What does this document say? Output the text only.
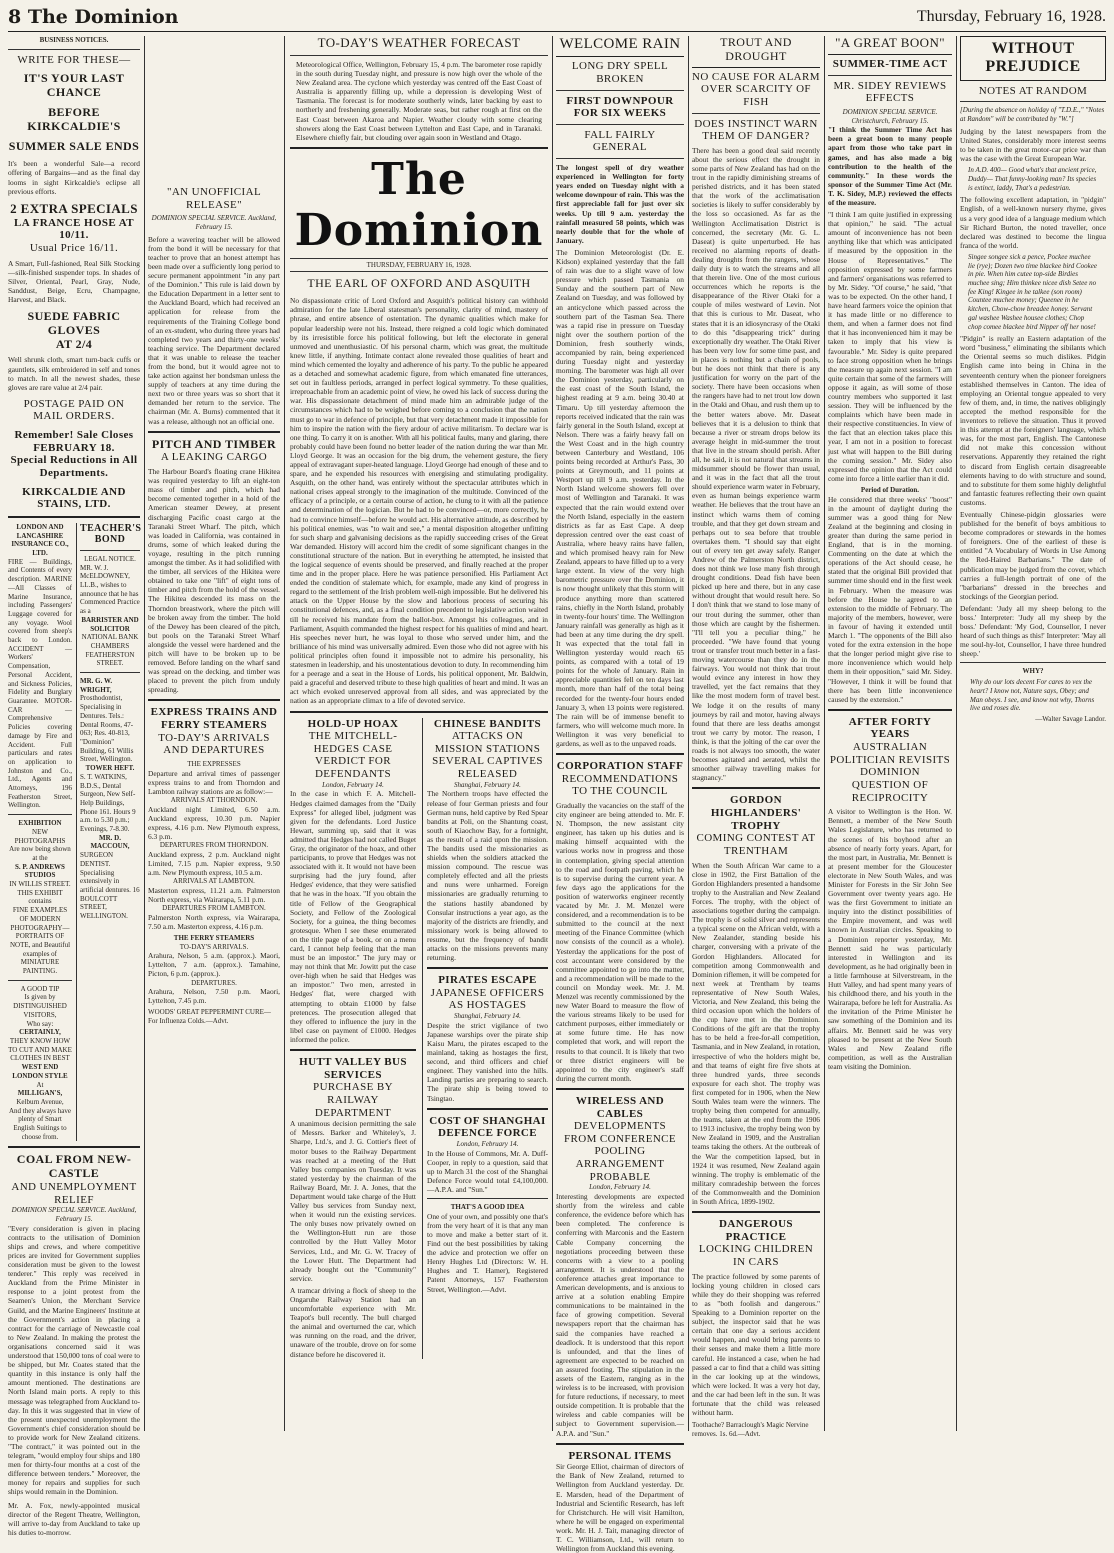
8 The Dominion	Thursday, February 16, 1928.
BUSINESS NOTICES.
WRITE FOR THESE—
IT'S YOUR LAST CHANCE
BEFORE KIRKCALDIE'S
SUMMER SALE ENDS
It's been a wonderful Sale—a record offering of Bargains—and as the final day looms in sight Kirkcaldie's eclipse all previous efforts.
2 EXTRA SPECIALS
LA FRANCE HOSE AT 10/11.
Usual Price 16/11.
A Smart, Full-fashioned, Real Silk Stocking—silk-finished suspender tops. In shades of Silver, Oriental, Pearl, Gray, Nude, Sanddust, Beige, Ecru, Champagne, Harvest, and Black.
SUEDE FABRIC GLOVES
AT 2/4
Well shrunk cloth, smart turn-back cuffs or gauntlets, silk embroidered in self and tones to match. In all the newest shades, these gloves are rare value at 2/4 pair.
POSTAGE PAID ON MAIL ORDERS.
Remember! Sale Closes FEBRUARY 18.
Special Reductions in All Departments.
KIRKCALDIE AND STAINS, LTD.
LONDON AND LANCASHIRE INSURANCE CO., LTD.
FIRE — Buildings, and Contents of every description. MARINE—All Classes of Marine Insurance, including Passengers' Luggage covered for any voyage. Wool covered from sheep's back to London. ACCIDENT — Workers' Compensation, Personal Accident, and Sickness Policies, Fidelity and Burglary Guarantee. MOTOR-CAR — Comprehensive Policies covering damage by Fire and Accident. Full particulars and rates on application to Johnston and Co., Ltd., Agents and Attorneys, 196 Featherston Street, Wellington.
EXHIBITION
NEW PHOTOGRAPHS
Are now being shown at the
S. P. ANDREWS STUDIOS
IN WILLIS STREET.
THIS EXHIBIT contains
FINE EXAMPLES OF MODERN PHOTOGRAPHY—PORTRAITS OF NOTE, and Beautiful examples of MINIATURE PAINTING.
A GOOD TIP
Is given by
DISTINGUISHED VISITORS,
Who say:
CERTAINLY,
THEY KNOW HOW TO CUT AND MAKE CLOTHES IN BEST
WEST END LONDON STYLE
At
MILLIGAN'S,
Kelburn Avenue,
And they always have plenty of Smart English Suitings to choose from.
TEACHER'S BOND
LEGAL NOTICE.
MR. W. J. McELDOWNEY, LL.B., wishes to announce that he has Commenced Practice as a
BARRISTER AND SOLICITOR
NATIONAL BANK CHAMBERS
FEATHERSTON STREET.
MR. G. W. WRIGHT,
Prosthodontist, Specialising in Dentures. Tels.: Dental Rooms, 47-063; Res. 40-813, "Dominion" Building, 61 Willis Street, Wellington.
TOWER HEFT.
S. T. WATKINS, B.D.S., Dental Surgeon, New Self-Help Buildings, Phone 161. Hours 9 a.m. to 5.30 p.m.; Evenings, 7-8.30.
MR. D. MACCOUN,
SURGEON DENTIST. Specialising extensively in artificial dentures. 16 BOULCOTT STREET, WELLINGTON.
COAL FROM NEW-CASTLE
AND UNEMPLOYMENT RELIEF
DOMINION SPECIAL SERVICE. Auckland, February 15.
"Every consideration is given in placing contracts to the utilisation of Dominion ships and crews, and where competitive prices are invited for Government supplies consideration must be given to the lowest tenderer." This reply was received in Auckland from the Prime Minister in response to a joint protest from the Seamen's Union, the Merchant Service Guild, and the Marine Engineers' Institute at the Government's action in placing a contract for the carriage of Newcastle coal to New Zealand. In making the protest the organisations concerned said it was understood that 150,000 tons of coal were to be shipped, but Mr. Coates stated that the quantity in this instance is only half the amount mentioned. The destinations are North Island main ports. A reply to this message was telegraphed from Auckland to-day. In this it was suggested that in view of the present unexpected unemployment the Government's chief consideration should be to provide work for New Zealand citizens. "The contract," it was pointed out in the telegram, "would employ four ships and 180 men for thirty-four months at a cost of the difference between tenders." Moreover, the money for repairs and supplies for such ships would remain in the Dominion.
Mr. A. Fox, newly-appointed musical director of the Regent Theatre, Wellington, will arrive to-day from Auckland to take up his duties to-morrow.
"AN UNOFFICIAL RELEASE"
DOMINION SPECIAL SERVICE. Auckland, February 15.
Before a wavering teacher will be allowed from the bond it will be necessary for that teacher to prove that an honest attempt has been made over a sufficiently long period to secure permanent appointment "in any part of the Dominion." This rule is laid down by the Education Department in a letter sent to the Auckland Board, which had received an application for release from the requirements of the Training College bond of an ex-student, who during three years had completed two years and thirty-one weeks' teaching service. The Department declared that it was unable to release the teacher from the bond, but it would agree not to take action against her bondsman unless the supply of teachers at any time during the next two or three years was so short that it demanded her return to the service. The chairman (Mr. A. Burns) commented that it was a release, although not an official one.
PITCH AND TIMBER
A LEAKING CARGO
The Harbour Board's floating crane Hikitea was required yesterday to lift an eight-ton mass of timber and pitch, which had become cemented together in a hold of the American steamer Dewey, at present discharging Pacific coast cargo at the Taranaki Street Wharf. The pitch, which was loaded in California, was contained in drums, some of which leaked during the voyage, resulting in the pitch running amongst the timber. As it had solidified with the timber, all services of the Hikitea were obtained to take one "lift" of eight tons of timber and pitch from the hold of the vessel. The Hikitea descended its mass on the Thorndon breastwork, where the pitch will be broken away from the timber. The hold of the Dewey has been cleared of the pitch, but pools on the Taranaki Street Wharf alongside the vessel were hardened and the pitch will have to be broken up to be removed. Before landing on the wharf sand was spread on the decking, and timber was placed to prevent the pitch from unduly spreading.
EXPRESS TRAINS AND FERRY STEAMERS
TO-DAY'S ARRIVALS AND DEPARTURES
THE EXPRESSES
Departure and arrival times of passenger express trains to and from Thorndon and Lambton railway stations are as follow:—
ARRIVALS AT THORNDON.
Auckland night Limited, 6.50 a.m. Auckland express, 10.30 p.m. Napier express, 4.16 p.m. New Plymouth express, 6.3 p.m.
DEPARTURES FROM THORNDON.
Auckland express, 2 p.m. Auckland night Limited, 7.15 p.m. Napier express, 9.50 a.m. New Plymouth express, 10.5 a.m.
ARRIVALS AT LAMBTON.
Masterton express, 11.21 a.m. Palmerston North express, via Wairarapa, 5.11 p.m.
DEPARTURES FROM LAMBTON.
Palmerston North express, via Wairarapa, 7.50 a.m. Masterton express, 4.16 p.m.
THE FERRY STEAMERS
TO-DAY'S ARRIVALS.
Arahura, Nelson, 5 a.m. (approx.). Maori, Lyttelton, 7 a.m. (approx.). Tamahine, Picton, 6 p.m. (approx.).
DEPARTURES.
Arahura, Nelson, 7.50 p.m. Maori, Lyttelton, 7.45 p.m.
WOODS' GREAT PEPPERMINT CURE—For Influenza Colds.—Advt.
TO-DAY'S WEATHER FORECAST
Meteorological Office, Wellington, February 15, 4 p.m. The barometer rose rapidly in the south during Tuesday night, and pressure is now high over the whole of the New Zealand area. The cyclone which yesterday was centred off the East Coast of Australia is apparently filling up, while a depression is developing West of Tasmania. The forecast is for moderate southerly winds, later backing by east to northerly and freshening generally. Moderate seas, but rather rough at first on the East Coast between Akaroa and Napier. Weather cloudy with some clearing showers along the East Coast between Lyttelton and East Cape, and in Taranaki. Elsewhere chiefly fair, but clouding over again soon in Westland and Otago.
The Dominion
THURSDAY, FEBRUARY 16, 1928.
THE EARL OF OXFORD AND ASQUITH
No dispassionate critic of Lord Oxford and Asquith's political history can withhold admiration for the late Liberal statesman's personality, clarity of mind, mastery of phrase, and entire absence of ostentation. The dynamic qualities which make for popular leadership were not his. Instead, there reigned a cold logic which dominated by its irresistible force his political following, but left the electorate in general unmoved and unenthusiastic. Of his personal charm, which was great, the multitude knew little, if anything. Intimate contact alone revealed those qualities of heart and mind which cemented the loyalty and adherence of his party. To the public he appeared as a detached and somewhat academic figure, from which emanated fine utterances, set out in faultless periods, arranged in perfect logical symmetry. To these qualities, irreproachable from an academic point of view, he owed his lack of success during the war. His dispassionate detachment of mind made him an admirable judge of the circumstances which had to be weighed before coming to a conclusion that the nation must go to war in defence of principle, but that very detachment made it impossible for him to inspire the nation with the fiery ardour of active militarism. To declare war is one thing. To carry it on is another. With all his political faults, many and glaring, there probably could have been found no better leader of the nation during the war than Mr. Lloyd George. It was an occasion for the big drum, the vehement gesture, the fiery appeal of extravagant super-heated language. Lloyd George had enough of these and to spare, and he expended his resources with energising and stimulating prodigality. Asquith, on the other hand, was entirely without the spectacular attributes which in national crises appeal strongly to the imagination of the multitude. Convinced of the efficacy of a principle, or a certain course of action, he clung to it with all the patience and determination of the logician. But he had to be convinced—or, more correctly, he had to convince himself—before he would act. His alternative attitude, as described by his political enemies, was "to wait and see," a mental disposition altogether unfitting for such sharp and galvanising decisions as the rapidly succeeding crises of the Great War demanded. History will accord him the credit of some significant changes in the constitutional structure of the nation. But in everything he attempted, he insisted that the logical sequence of events should be preserved, and finally reached at the proper time and in the proper place. Here he was patience personified. His Parliament Act ended the condition of stalemate which, for example, made any kind of progress in regard to the settlement of the Irish problem well-nigh impossible. But he delivered his attack on the Upper House by the slow and laborious process of securing his constitutional defences, and, as a final condition precedent to legislative action waited till he received his mandate from the ballot-box. Amongst his colleagues, and in Parliament, Asquith commanded the highest respect for his qualities of mind and heart. His speeches never hurt, he was loyal to those who served under him, and the brilliance of his mind was universally admired. Even those who did not agree with his political principles often found it impossible not to admire his personality, his statesmen in leadership, and his unostentatious devotion to duty. In recommending him for a peerage and a seat in the House of Lords, his political opponent, Mr. Baldwin, paid a graceful and deserved tribute to these high qualities of heart and mind. It was an act which evoked unreserved approval from all sides, and was appreciated by the nation as an appropriate climax to a life of devoted service.
HOLD-UP HOAX
THE MITCHELL-HEDGES CASE
VERDICT FOR DEFENDANTS
London, February 14.
In the case in which F. A. Mitchell-Hedges claimed damages from the "Daily Express" for alleged libel, judgment was given for the defendants. Lord Justice Hewart, summing up, said that it was admitted that Hedges had not called Buget Gray, the originator of the hoax, and other participants, to prove that Hedges was not associated with it. It would not have been surprising had the jury found, after Hedges' evidence, that they were satisfied that he was in the hoax. "If you obtain the title of Fellow of the Geographical Society, and Fellow of the Zoological Society, for a guinea, the thing becomes grotesque. When I see these enumerated on the title page of a book, or on a menu card, I cannot help feeling that the man must be an impostor." The jury may or may not think that Mr. Jowitt put the case over-high when he said that Hedges was an impostor." Two men, arrested in Hedges' flat, were charged with attempting to obtain £1000 by false pretences. The prosecution alleged that they offered to influence the jury in the libel case on payment of £1000. Hedges informed the police.
HUTT VALLEY BUS SERVICES
PURCHASE BY RAILWAY DEPARTMENT
A unanimous decision permitting the sale of Messrs. Barker and Whiteley's, J. Sharpe, Ltd.'s, and J. G. Cottier's fleet of motor buses to the Railway Department was reached at a meeting of the Hutt Valley bus companies on Tuesday. It was stated yesterday by the chairman of the Railway Board, Mr. J. A. Jones, that the Department would take charge of the Hutt Valley bus services from Sunday next, when it would run the existing services. The only buses now privately owned on the Wellington-Hutt run are those controlled by the Hutt Valley Motor Services, Ltd., and Mr. G. W. Tracey of the Lower Hutt. The Department had already bought out the "Community" service.
A tramcar driving a flock of sheep to the Ongaruhe Railway Station had an uncomfortable experience with Mr. Teapot's bull recently. The bull charged the animal and overturned the car, which was running on the road, and the driver, unaware of the trouble, drove on for some distance before he discovered it.
CHINESE BANDITS
ATTACKS ON MISSION STATIONS
SEVERAL CAPTIVES RELEASED
Shanghai, February 14.
The Northern troops have effected the release of four German priests and four German nuns, held captive by Red Spear bandits at Poli, on the Shantung coast, south of Kiaochow Bay, for a fortnight, as the result of a raid upon the mission. The bandits used the missionaries as shields when the soldiers attacked the mission compound. The rescue was completely effected and all the priests and nuns were unharmed. Foreign missionaries are gradually returning to the stations hastily abandoned by Consular instructions a year ago, as the majority of the districts are friendly, and missionary work is being allowed to resume, but the frequency of bandit attacks on the missions prevents many returning.
PIRATES ESCAPE
JAPANESE OFFICERS AS HOSTAGES
Shanghai, February 14.
Despite the strict vigilance of two Japanese warships over the pirate ship Kaisu Maru, the pirates escaped to the mainland, taking as hostages the first, second, and third officers and chief engineer. They vanished into the hills. Landing parties are preparing to search. The pirate ship is being towed to Tsingtao.
COST OF SHANGHAI DEFENCE FORCE
London, February 14.
In the House of Commons, Mr. A. Duff-Cooper, in reply to a question, said that up to March 31 the cost of the Shanghai Defence Force would total £4,100,000.—A.P.A. and "Sun."
THAT'S A GOOD IDEA
One of your own, and possibly one that's from the very heart of it is that any man to move and make a better start of it. Find out the best possibilities by taking the advice and protection we offer on Henry Hughes Ltd (Directors: W. H. Hughes and T. Hamer), Registered Patent Attorneys, 157 Featherston Street, Wellington.—Advt.
WELCOME RAIN
LONG DRY SPELL BROKEN
FIRST DOWNPOUR FOR SIX WEEKS
FALL FAIRLY GENERAL
The longest spell of dry weather experienced in Wellington for forty years ended on Tuesday night with a welcome downpour of rain. This was the first appreciable fall for just over six weeks. Up till 9 a.m. yesterday the rainfall measured 58 points, which was nearly double that for the whole of January.
The Dominion Meteorologist (Dr. E. Kidson) explained yesterday that the fall of rain was due to a slight wave of low pressure which passed Tasmania on Sunday and the southern part of New Zealand on Tuesday, and was followed by an anticyclone which passed across the southern part of the Tasman Sea. There was a rapid rise in pressure on Tuesday night over the southern portion of the Dominion, fresh southerly winds, accompanied by rain, being experienced during Tuesday night and yesterday morning. The barometer was high all over the Dominion yesterday, particularly on the east coast of the South Island, the highest reading at 9 a.m. being 30.40 at Timaru. Up till yesterday afternoon the reports received indicated that the rain was fairly general in the South Island, except at Nelson. There was a fairly heavy fall on the West Coast and in the high country between Canterbury and Westland, 106 points being recorded at Arthur's Pass, 30 points at Greymouth, and 11 points at Westport up till 9 a.m. yesterday. In the North Island welcome showers fell over most of Wellington and Taranaki. It was expected that the rain would extend over the North Island, especially in the eastern districts as far as East Cape. A deep depression centred over the east coast of Australia, where heavy rains have fallen, and which promised heavy rain for New Zealand, appears to have filled up to a very large extent. In view of the very high barometric pressure over the Dominion, it is now thought unlikely that this storm will produce anything more than scattered rains, chiefly in the North Island, probably in twenty-four hours' time. The Wellington January rainfall was generally as high as it had been at any time during the dry spell. It was expected that the total fall in Wellington yesterday would reach 65 points, as compared with a total of 19 points for the whole of January. Rain in appreciable quantities fell on ten days last month, more than half of the total being recorded for the twenty-four hours ended January 3, when 13 points were registered. The rain will be of immense benefit to farmers, who will welcome much more. In Wellington it was very beneficial to gardens, as well as to the unpaved roads.
CORPORATION STAFF
RECOMMENDATIONS TO THE COUNCIL
Gradually the vacancies on the staff of the city engineer are being attended to. Mr. F. N. Thompson, the new assistant city engineer, has taken up his duties and is making himself acquainted with the various works now in progress and those in contemplation, giving special attention to the road and footpath paving, which he is to supervise during the current year. A few days ago the applications for the position of waterworks engineer recently vacated by Mr. J. M. Menzel were considered, and a recommendation is to be submitted to the council at the next meeting of the Finance Committee (which now consists of the council as a whole). Yesterday the applications for the post of cost accountant were considered by the committee appointed to go into the matter, and a recommendation will be made to the council on Monday week. Mr. J. M. Menzel was recently commissioned by the new Water Board to measure the flow of the various streams likely to be used for catchment purposes, either immediately or at some future time. He has now completed that work, and will report the results to that council. It is likely that two or three district engineers will be appointed to the city engineer's staff during the current month.
WIRELESS AND CABLES
DEVELOPMENTS FROM CONFERENCE
POOLING ARRANGEMENT PROBABLE
London, February 14.
Interesting developments are expected shortly from the wireless and cable conference, the evidence before which has been completed. The conference is conferring with Marconis and the Eastern Cable Company concerning the negotiations proceeding between these concerns with a view to a pooling arrangement. It is understood that the conference attaches great importance to American developments, and is anxious to arrive at a solution enabling Empire communications to be maintained in the face of growing competition. Several newspapers report that the chairman has said the companies have reached a deadlock. It is understood that this report is unfounded, and that the lines of agreement are expected to be reached on an assured footing. The stipulation in the assets of the Eastern, ranging as in the wireless is to be increased, with provision for future reductions, if necessary, to meet outside competition. It is probable that the wireless and cable companies will be subject to Government supervision.—A.P.A. and "Sun."
PERSONAL ITEMS
Sir George Elliot, chairman of directors of the Bank of New Zealand, returned to Wellington from Auckland yesterday. Dr. E. Marsden, head of the Department of Industrial and Scientific Research, has left for Christchurch. He will visit Hamilton, where he will be engaged on experimental work. Mr. H. J. Tait, managing director of T. C. Williamson, Ltd., will return to Wellington from Auckland this evening.
TROUT AND DROUGHT
NO CAUSE FOR ALARM OVER SCARCITY OF FISH
DOES INSTINCT WARN THEM OF DANGER?
There has been a good deal said recently about the serious effect the drought in some parts of New Zealand has had on the trout in the rapidly diminishing streams of perished districts, and it has been stated that the work of the acclimatisation societies is likely to suffer considerably by the loss so occasioned. As far as the Wellington Acclimatisation District is concerned, the secretary (Mr. G. L. Daseat) is quite unperturbed. He has received no alarming reports of death-dealing droughts from the rangers, whose daily duty is to watch the streams and all that therein live. One of the most curious occurrences which he reports is the disappearance of the River Otaki for a couple of miles westward of Levin. Not that this is curious to Mr. Daseat, who states that it is an idiosyncrasy of the Otaki to do this "disappearing trick" during exceptionally dry weather. The Otaki River has been very low for some time past, and in places is nothing but a chain of pools, but he does not think that there is any justification for worry on the part of the society. There have been occasions when the rangers have had to net trout low down in the Otaki and Ohau, and rush them up to the better waters above. Mr. Daseat believes that it is a delusion to think that because a river or stream drops below its average height in mid-summer the trout that live in the stream should perish. After all, he said, it is not natural that streams in midsummer should be flower than usual, and it was in the fact that all the trout should experience warm water in February, even as human beings experience warm weather. He believes that the trout have an instinct which warns them of coming trouble, and that they get down stream and perhaps out to sea before that trouble overtakes them. "I should say that eight out of every ten get away safely. Ranger Andrew of the Palmerston North district, does not think we lose many fish through drought conditions. Dead fish have been picked up here and there, but in any case without drought that would result here. So I don't think that we stand to lose many of our trout during the summer, other than those which are caught by the fishermen. "I'll tell you a peculiar thing," he proceeded. "We have found that young trout or transfer trout much better in a fast-moving watercourse than they do in the fairways. You would not think that trout would evince any interest in how they travelled, yet the fact remains that they like the most modern form of travel best. We lodge it on the results of many journeys by rail and motor, having always found that there are less deaths amongst trout we carry by motor. The reason, I think, is that the jolting of the car over the roads is not always too smooth, the water becomes agitated and aerated, whilst the smoother railway travelling makes for stagnancy."
GORDON HIGHLANDERS' TROPHY
COMING CONTEST AT TRENTHAM
When the South African War came to a close in 1902, the First Battalion of the Gordon Highlanders presented a handsome trophy to the Australian and New Zealand Forces. The trophy, with the object of associations together during the campaign. The trophy is of solid silver and represents a typical scene on the African veldt, with a New Zealander, standing beside his charger, conversing with a private of the Gordon Highlanders. Allocated for competition among Commonwealth and Dominion riflemen, it will be competed for next week at Trentham by teams representative of New South Wales, Victoria, and New Zealand, this being the third occasion upon which the holders of the cup have met in the Dominion. Conditions of the gift are that the trophy has to be held a free-for-all competition, Tasmania, and in New Zealand, in rotation, irrespective of who the holders might be, and that teams of eight fire five shots at three hundred yards, three seconds exposure for each shot. The trophy was first competed for in 1906, when the New South Wales team were the winners. The trophy being then competed for annually, the teams, taken at the end from the 1906 to 1913 inclusive, the trophy being won by New Zealand in 1909, and the Australian teams taking the others. At the outbreak of the War the competition lapsed, but in 1924 it was resumed, New Zealand again winning. The trophy is emblematic of the military comradeship between the forces of the Commonwealth and the Dominion in South Africa, 1899-1902.
DANGEROUS PRACTICE
LOCKING CHILDREN IN CARS
The practice followed by some parents of locking young children in closed cars while they do their shopping was referred to as "both foolish and dangerous." Speaking to a Dominion reporter on the subject, the inspector said that he was certain that one day a serious accident would happen, and would bring parents to their senses and make them a little more careful. He instanced a case, when he had passed a car to find that a child was sitting in the car looking up at the windows, which were locked. It was a very hot day, and the car had been left in the sun. It was fortunate that the child was released without harm.
Toothache? Barraclough's Magic Nervine removes. 1s. 6d.—Advt.
"A GREAT BOON"
SUMMER-TIME ACT
MR. SIDEY REVIEWS EFFECTS
DOMINION SPECIAL SERVICE. Christchurch, February 15.
"I think the Summer Time Act has been a great boon to many people apart from those who take part in games, and has also made a big contribution to the health of the community." In these words the sponsor of the Summer Time Act (Mr. T. K. Sidey, M.P.) reviewed the effects of the measure.
"I think I am quite justified in expressing that opinion," he said. "The actual amount of inconvenience has not been anything like that which was anticipated if measured by the opposition in the House of Representatives." The opposition expressed by some farmers and farmers' organisations was referred to by Mr. Sidey. "Of course," he said, "that was to be expected. On the other hand, I have heard farmers voice the opinion that it has made little or no difference to them, and when a farmer does not find that it has inconvenienced him it may be taken to imply that his view is favourable." Mr. Sidey is quite prepared to face strong opposition when he brings the measure up again next session. "I am quite certain that some of the farmers will oppose it again, as will some of those country members who supported it last session. They will be influenced by the complaints which have been made in their respective constituencies. In view of the fact that an election takes place this year, I am not in a position to forecast just what will happen to the Bill during the coming session." Mr. Sidey also expressed the opinion that the Act could come into force a little earlier than it did.
Period of Duration.
He considered that three weeks' "boost" in the amount of daylight during the summer was a good thing for New Zealand at the beginning and closing in greater than during the same period in England, that is in the morning. Commenting on the date at which the operations of the Act should cease, he stated that the original Bill provided that summer time should end in the first week in February. When the measure was before the House he agreed to an extension to the middle of February. The majority of the members, however, were in favour of having it extended until March 1. "The opponents of the Bill also voted for the extra extension in the hope that the longer period might give rise to more inconvenience which would help them in their opposition," said Mr. Sidey. "However, I think it will be found that there has been little inconvenience caused by the extension."
AFTER FORTY YEARS
AUSTRALIAN POLITICIAN REVISITS DOMINION
QUESTION OF RECIPROCITY
A visitor to Wellington is the Hon. W. Bennett, a member of the New South Wales Legislature, who has returned to the scenes of his boyhood after an absence of nearly forty years. Apart, for the most part, in Australia, Mr. Bennett is at present member for the Gloucester electorate in New South Wales, and was Minister for Forests in the Sir John See Government over twenty years ago. He was the first Government to initiate an inquiry into the distinct possibilities of the Empire movement, and was well known in Australian circles. Speaking to a Dominion reporter yesterday, Mr. Bennett said he was particularly interested in Wellington and its development, as he had originally been in a little farmhouse at Silverstream, in the Hutt Valley, and had spent many years of his childhood there, and his youth in the Wairarapa, before he left for Australia. As the invitation of the Prime Minister he saw something of the Dominion and its affairs. Mr. Bennett said he was very pleased to be present at the New South Wales and New Zealand rifle competition, as well as the Australian team visiting the Dominion.
WITHOUT PREJUDICE
NOTES AT RANDOM
[During the absence on holiday of "T.D.E.," "Notes at Random" will be contributed by "W."]
Judging by the latest newspapers from the United States, considerably more interest seems to be taken in the great motor-car price war than was the case with the Great European War.
In A.D. 400— Good what's that ancient price, Duddy— That funny-looking man? Its species is extinct, laddy, That's a pedestrian.
The following excellent adaptation, in "pidgin" English, of a well-known nursery rhyme, gives us a very good idea of a language medium which Sir Richard Burton, the noted traveller, once declared was destined to become the lingua franca of the world.
Singee songee sick a pence, Pockee muchee lie (rye); Dozen two time blackee bird Cookee in pie. When him cutee top-side Birdies muchee sing; Him thinkee nicee dish Setee no fee King! Kingee in he talkee (son room) Countee muchee money; Queenee in he kitchen, Chow-chow breadee honey. Servant gal washee Washee housee clothes; Chop chop comee blackee bird Nipper off her nose!
"Pidgin" is really an Eastern adaptation of the word "business," eliminating the sibilants which the Oriental seems so much dislikes. Pidgin English came into being in China in the seventeenth century when the pioneer foreigners established themselves in Canton. The idea of employing an Oriental tongue appealed to very few of them, and, in time, the natives obligingly accepted the method responsible for the inventors to relieve the situation. Thus it proved in this attempt at the foreigners' language, which was, for the most part, English. The Cantonese did not make this concession without reservations. Apparently they retained the right to discard from English certain disagreeable elements having to do with structure and sound, and to substitute for them some highly delightful and fantastic features reflecting their own quaint customs.
Eventually Chinese-pidgin glossaries were published for the benefit of boys ambitious to become compradores or stewards in the homes of foreigners. One of the earliest of these is entitled "A Vocabulary of Words in Use Among the Red-Haired Barbarians." The date of publication may be judged from the cover, which carries a full-length portrait of one of the "barbarians" dressed in the breeches and stockings of the Georgian period.
Defendant: 'Judy all my sheep belong to the boss.' Interpreter: 'Judy all my sheep by the boss.' Defendant: 'My God, Counsellor, I never heard of such things as this!' Interpreter: 'May all me soul-hy-lot, Counsellor, I have three hundred sheep.'
WHY?
Why do our lots decent For cares to vex the heart? I know not, Nature says, Obey; and Man obeys. I see, and know not why, Thorns live and roses die.
—Walter Savage Landor.
